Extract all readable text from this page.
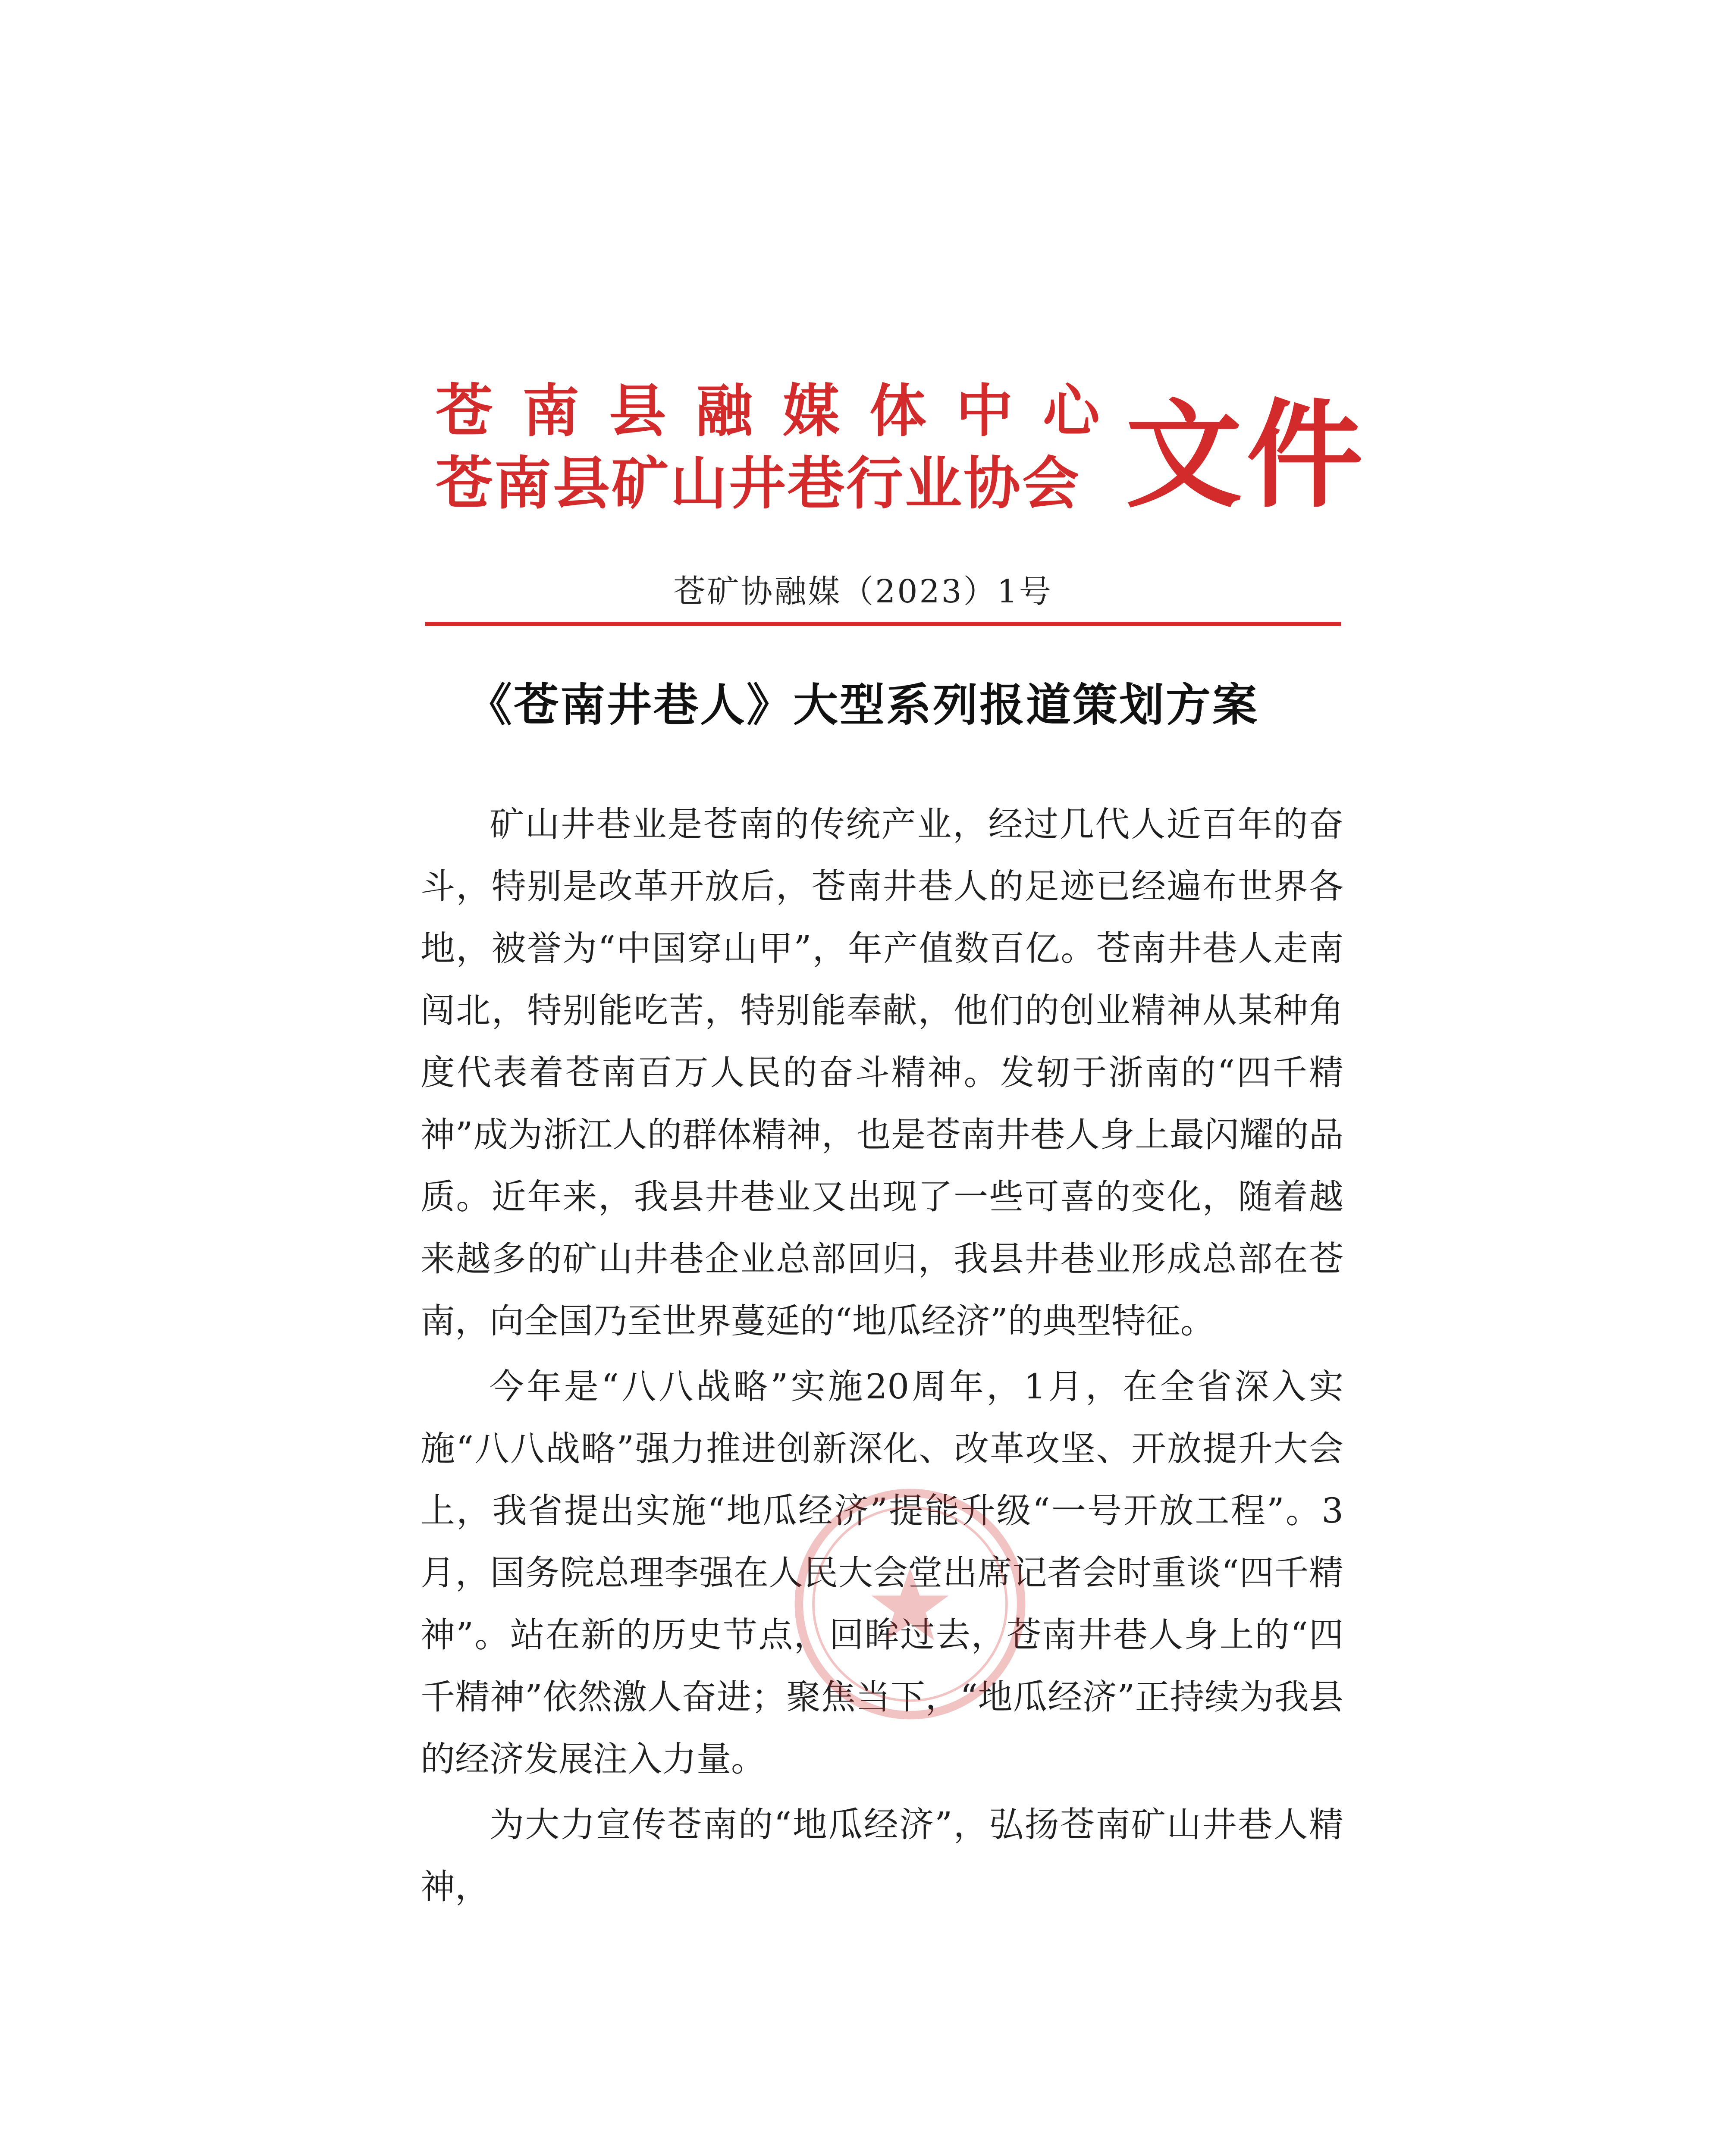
苍 南 县 融 媒 体 中 心
苍南县矿山井巷行业协会 文件
苍矿协融媒（2023）1号
《苍南井巷人》大型系列报道策划方案

矿山井巷业是苍南的传统产业，经过几代人近百年的奋斗，特别是改革开放后，苍南井巷人的足迹已经遍布世界各地，被誉为“中国穿山甲”，年产值数百亿。苍南井巷人走南闯北，特别能吃苦，特别能奉献，他们的创业精神从某种角度代表着苍南百万人民的奋斗精神。发轫于浙南的“四千精神”成为浙江人的群体精神，也是苍南井巷人身上最闪耀的品质。近年来，我县井巷业又出现了一些可喜的变化，随着越来越多的矿山井巷企业总部回归，我县井巷业形成总部在苍南，向全国乃至世界蔓延的“地瓜经济”的典型特征。

今年是“八八战略”实施20周年，1月，在全省深入实施“八八战略”强力推进创新深化、改革攻坚、开放提升大会上，我省提出实施“地瓜经济”提能升级“一号开放工程”。3月，国务院总理李强在人民大会堂出席记者会时重谈“四千精神”。站在新的历史节点，回眸过去，苍南井巷人身上的“四千精神”依然激人奋进；聚焦当下，“地瓜经济”正持续为我县的经济发展注入力量。

为大力宣传苍南的“地瓜经济”，弘扬苍南矿山井巷人精神，
